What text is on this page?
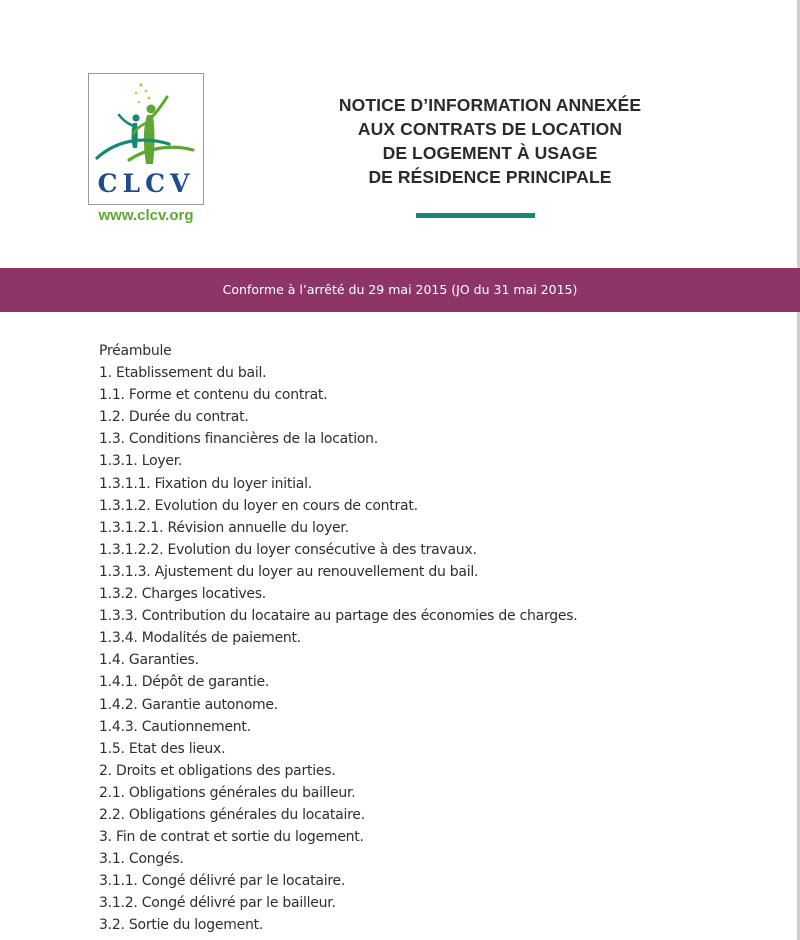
CLCV
www.clcv.org
NOTICE D’INFORMATION ANNEXÉE
AUX CONTRATS DE LOCATION
DE LOGEMENT À USAGE
DE RÉSIDENCE PRINCIPALE
Conforme à l’arrêté du 29 mai 2015 (JO du 31 mai 2015)
Préambule
1. Etablissement du bail.
1.1. Forme et contenu du contrat.
1.2. Durée du contrat.
1.3. Conditions financières de la location.
1.3.1. Loyer.
1.3.1.1. Fixation du loyer initial.
1.3.1.2. Evolution du loyer en cours de contrat.
1.3.1.2.1. Révision annuelle du loyer.
1.3.1.2.2. Evolution du loyer consécutive à des travaux.
1.3.1.3. Ajustement du loyer au renouvellement du bail.
1.3.2. Charges locatives.
1.3.3. Contribution du locataire au partage des économies de charges.
1.3.4. Modalités de paiement.
1.4. Garanties.
1.4.1. Dépôt de garantie.
1.4.2. Garantie autonome.
1.4.3. Cautionnement.
1.5. Etat des lieux.
2. Droits et obligations des parties.
2.1. Obligations générales du bailleur.
2.2. Obligations générales du locataire.
3. Fin de contrat et sortie du logement.
3.1. Congés.
3.1.1. Congé délivré par le locataire.
3.1.2. Congé délivré par le bailleur.
3.2. Sortie du logement.
